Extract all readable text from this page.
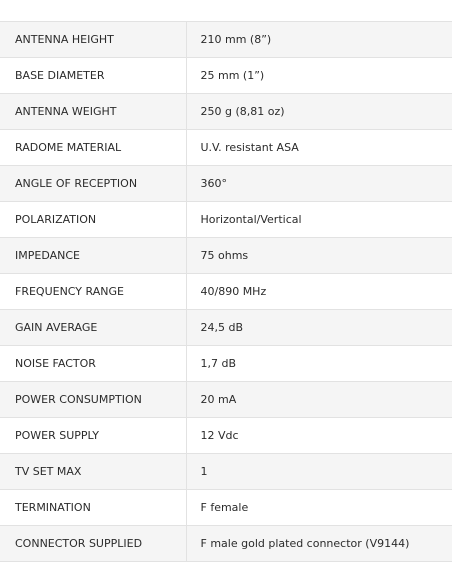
ANTENNA HEIGHT	210 mm (8”)
BASE DIAMETER	25 mm (1”)
ANTENNA WEIGHT	250 g (8,81 oz)
RADOME MATERIAL	U.V. resistant ASA
ANGLE OF RECEPTION	360°
POLARIZATION	Horizontal/Vertical
IMPEDANCE	75 ohms
FREQUENCY RANGE	40/890 MHz
GAIN AVERAGE	24,5 dB
NOISE FACTOR	1,7 dB
POWER CONSUMPTION	20 mA
POWER SUPPLY	12 Vdc
TV SET MAX	1
TERMINATION	F female
CONNECTOR SUPPLIED	F male gold plated connector (V9144)
